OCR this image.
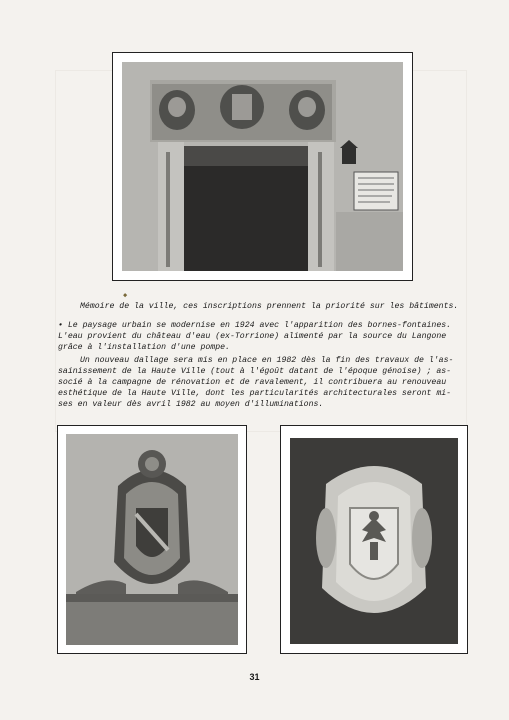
◆
Mémoire de la ville, ces inscriptions prennent la priorité sur les bâtiments.
• Le paysage urbain se modernise en 1924 avec l'apparition des bornes-fontaines.
L'eau provient du château d'eau (ex-Torrione) alimenté par la source du Langone
grâce à l'installation d'une pompe.
Un nouveau dallage sera mis en place en 1982 dès la fin des travaux de l'as-
sainissement de la Haute Ville (tout à l'égoût datant de l'époque génoise) ; as-
socié à la campagne de rénovation et de ravalement, il contribuera au renouveau
esthétique de la Haute Ville, dont les particularités architecturales seront mi-
ses en valeur dès avril 1982 au moyen d'illuminations.
31
